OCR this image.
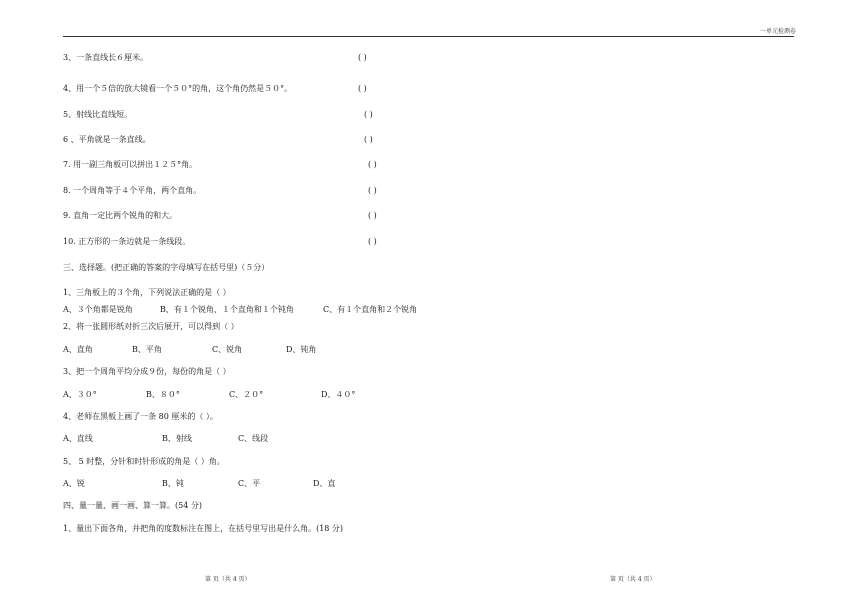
一单元检测卷
3、一条直线长６厘米。	( )
4、用一个５倍的放大镜看一个５０°的角，这个角仍然是５０°。	( )
5、射线比直线短。	( )
6 、平角就是一条直线。	( )
7. 用一副三角板可以拼出１２５°角。	( )
8. 一个周角等于４个平角，两个直角。	( )
9. 直角一定比两个锐角的和大。	( )
10. 正方形的一条边就是一条线段。	( )
三、选择题。(把正确的答案的字母填写在括号里)（５分）
1、三角板上的３个角，下列说法正确的是（ ）
A、３个角都是锐角	B、有１个锐角、１个直角和１个钝角	C、有１个直角和２个锐角
2、将一张圆形纸对折三次后展开，可以得到（ ）
A、直角	B、平角	C、锐角	D、钝角
3、把一个周角平均分成９份，每份的角是（ ）
A、３０°	B、８０°	C、２０°	D、４０°
4、老师在黑板上画了一条 80 厘米的（ ）。
A、直线	B、射线	C、线段
5、 5 时整，分针和时针形成的角是（ ）角。
A、锐	B、钝	C、平	D、直
四、量一量、画一画、算一算。(54 分)
1、量出下面各角，并把角的度数标注在图上，在括号里写出是什么角。(18 分)
第 页（共 4 页）	第 页（共 4 页）
